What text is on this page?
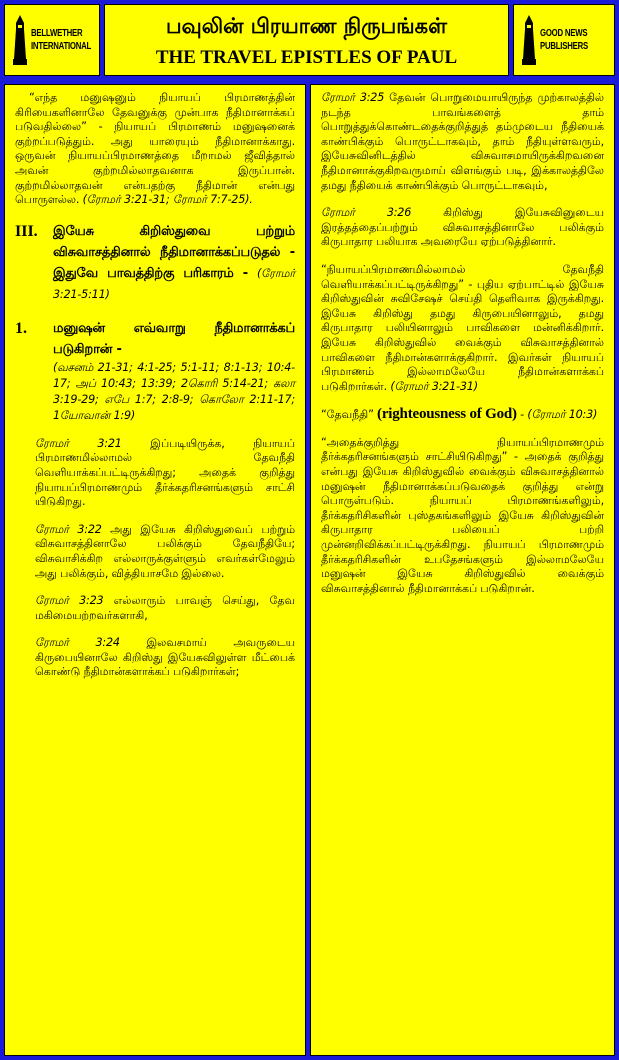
BELLWETHER
INTERNATIONAL
பவுலின் பிரயாண நிருபங்கள்
THE TRAVEL EPISTLES OF PAUL
GOOD NEWS
PUBLISHERS

“எந்த மனுஷனும் நியாயப் பிரமாணத்தின் கிரியைகளினாலே தேவனுக்கு முன்பாக நீதிமானாக்கப் படுவதில்லை” - நியாயப் பிரமாணம் மனுஷனைக் குற்றப்படுத்தும். அது யாரையும் நீதிமானாக்காது. ஒருவன் நியாயப்பிரமாணத்தை மீறாமல் ஜீவித்தால் அவன் குற்றமில்லாதவனாக இருப்பான். குற்றமில்லாதவன் என்பதற்கு நீதிமான் என்பது பொருளல்ல. (ரோமர் 3:21-31; ரோமர் 7:7-25).

III.	இயேசு கிறிஸ்துவை பற்றும் விசுவாசத்தினால் நீதிமானாக்கப்படுதல் - இதுவே பாவத்திற்கு பரிகாரம் - (ரோமர் 3:21-5:11)
1.	மனுஷன் எவ்வாறு நீதிமானாக்கப் படுகிறான் -
(வசனம் 21-31; 4:1-25; 5:1-11; 8:1-13; 10:4-17; அப் 10:43; 13:39; 2கொரி 5:14-21; கலா 3:19-29; எபே 1:7; 2:8-9; கொலோ 2:11-17; 1யோவான் 1:9)

ரோமர் 3:21	இப்படியிருக்க, நியாயப் பிரமாணமில்லாமல் தேவநீதி வெளியாக்கப்பட்டிருக்கிறது; அதைக் குறித்து நியாயப்பிரமாணமும் தீர்க்கதரிசனங்களும் சாட்சி யிடுகிறது.

ரோமர் 3:22 அது இயேசு கிறிஸ்துவைப் பற்றும் விசுவாசத்தினாலே பலிக்கும் தேவநீதியே; விசுவாசிக்கிற எல்லாருக்குள்ளும் எவர்கள்மேலும் அது பலிக்கும், வித்தியாசமே இல்லை.

ரோமர் 3:23 எல்லாரும் பாவஞ் செய்து, தேவ மகிமையற்றவர்களாகி,

ரோமர் 3:24 இலவசமாய் அவருடைய கிருபையினாலே கிறிஸ்து இயேசுவிலுள்ள மீட்பைக் கொண்டு நீதிமான்களாக்கப் படுகிறார்கள்;

ரோமர் 3:25 தேவன் பொறுமையாயிருந்த முற்காலத்தில் நடந்த பாவங்களைத் தாம் பொறுத்துக்கொண்டதைக்குறித்துத் தம்முடைய நீதியைக் காண்பிக்கும் பொருட்டாகவும், தாம் நீதியுள்ளவரும், இயேசுவினிடத்தில் விசுவாசமாயிருக்கிறவனை நீதிமானாக்குகிறவருமாய் விளங்கும் படி, இக்காலத்திலே தமது நீதியைக் காண்பிக்கும் பொருட்டாகவும்,

ரோமர் 3:26	கிறிஸ்து இயேசுவினுடைய இரத்தத்தைப்பற்றும் விசுவாசத்தினாலே பலிக்கும் கிருபாதார பலியாக அவரையே ஏற்படுத்தினார்.

“நியாயப்பிரமாணமில்லாமல் தேவநீதி வெளியாக்கப்பட்டிருக்கிறது” - புதிய ஏற்பாட்டில் இயேசு கிறிஸ்துவின் சுவிசேஷச் செய்தி தெளிவாக இருக்கிறது. இயேசு கிறிஸ்து தமது கிருபையினாலும், தமது கிருபாதார பலியினாலும் பாவிகளை மன்னிக்கிறார். இயேசு கிறிஸ்துவில் வைக்கும் விசுவாசத்தினால் பாவிகளை நீதிமான்களாக்குகிறார். இவர்கள் நியாயப் பிரமாணம் இல்லாமலேயே நீதிமான்களாக்கப் படுகிறார்கள். (ரோமர் 3:21-31)

“தேவநீதி” (righteousness of God) - (ரோமர் 10:3)

“அதைக்குறித்து நியாயப்பிரமாணமும் தீர்க்கதரிசனங்களும் சாட்சியிடுகிறது” - அதைக் குறித்து என்பது இயேசு கிறிஸ்துவில் வைக்கும் விசுவாசத்தினால் மனுஷன் நீதிமானாக்கப்படுவதைக் குறித்து என்று பொருள்படும். நியாயப் பிரமாணங்களிலும், தீர்க்கதரிசிகளின் புஸ்தகங்களிலும் இயேசு கிறிஸ்துவின் கிருபாதார பலியைப் பற்றி முன்னறிவிக்கப்பட்டிருக்கிறது. நியாயப் பிரமாணமும் தீர்க்கதரிசிகளின் உபதேசங்களும் இல்லாமலேயே மனுஷன் இயேசு கிறிஸ்துவில் வைக்கும் விசுவாசத்தினால் நீதிமானாக்கப் படுகிறான்.
